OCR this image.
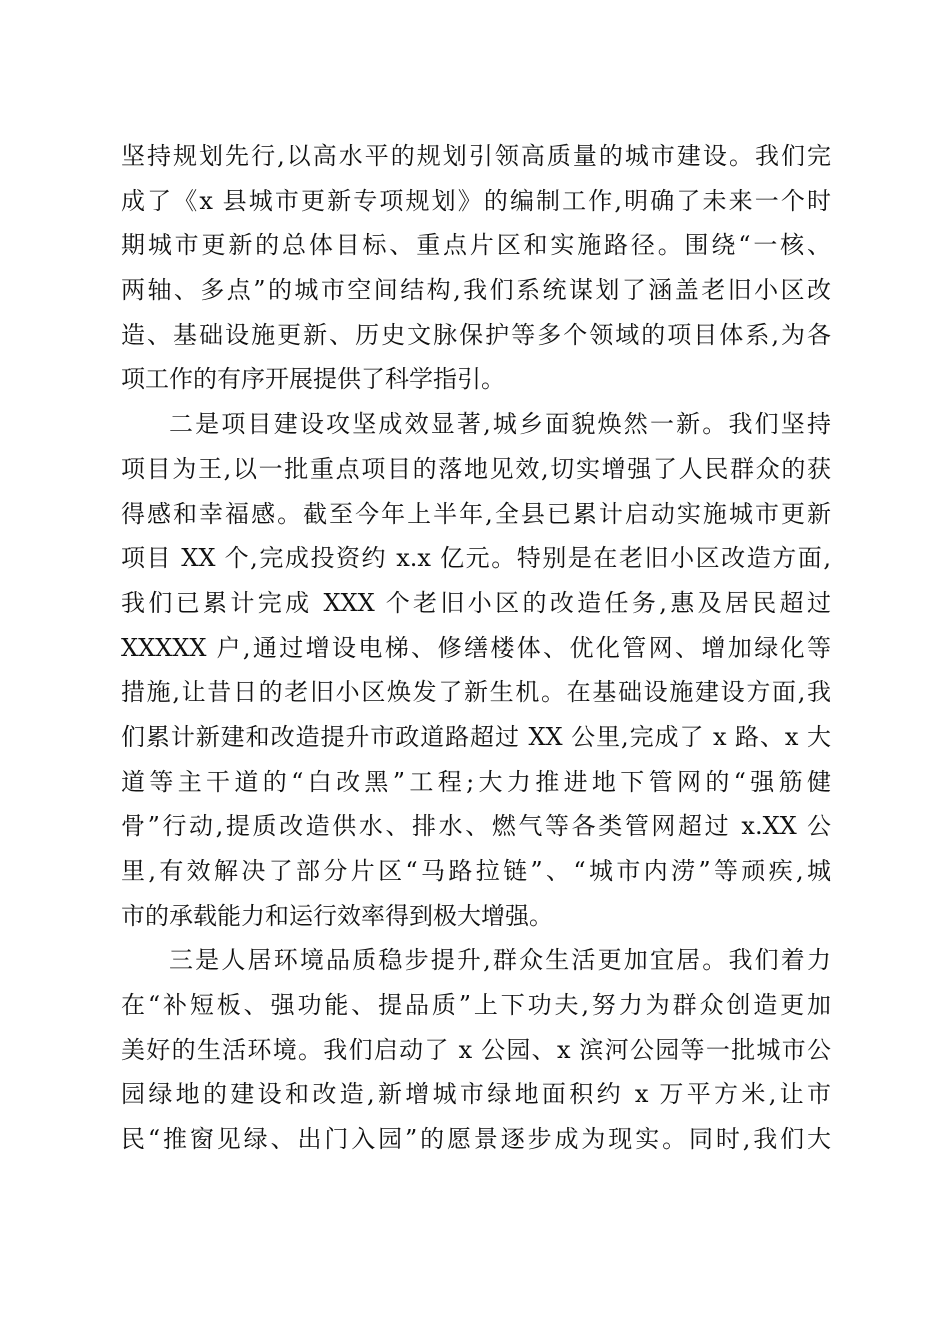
坚持规划先行,以高水平的规划引领高质量的城市建设。我们完
成了《x 县城市更新专项规划》的编制工作,明确了未来一个时
期城市更新的总体目标、重点片区和实施路径。围绕“一核、
两轴、多点”的城市空间结构,我们系统谋划了涵盖老旧小区改
造、基础设施更新、历史文脉保护等多个领域的项目体系,为各
项工作的有序开展提供了科学指引。
二是项目建设攻坚成效显著,城乡面貌焕然一新。我们坚持
项目为王,以一批重点项目的落地见效,切实增强了人民群众的获
得感和幸福感。截至今年上半年,全县已累计启动实施城市更新
项目 XX 个,完成投资约 x.x 亿元。特别是在老旧小区改造方面,
我们已累计完成 XXX 个老旧小区的改造任务,惠及居民超过
XXXXX 户,通过增设电梯、修缮楼体、优化管网、增加绿化等
措施,让昔日的老旧小区焕发了新生机。在基础设施建设方面,我
们累计新建和改造提升市政道路超过 XX 公里,完成了 x 路、x 大
道等主干道的“白改黑”工程;大力推进地下管网的“强筋健
骨”行动,提质改造供水、排水、燃气等各类管网超过 x.XX 公
里,有效解决了部分片区“马路拉链”、“城市内涝”等顽疾,城
市的承载能力和运行效率得到极大增强。
三是人居环境品质稳步提升,群众生活更加宜居。我们着力
在“补短板、强功能、提品质”上下功夫,努力为群众创造更加
美好的生活环境。我们启动了 x 公园、x 滨河公园等一批城市公
园绿地的建设和改造,新增城市绿地面积约 x 万平方米,让市
民“推窗见绿、出门入园”的愿景逐步成为现实。同时,我们大
